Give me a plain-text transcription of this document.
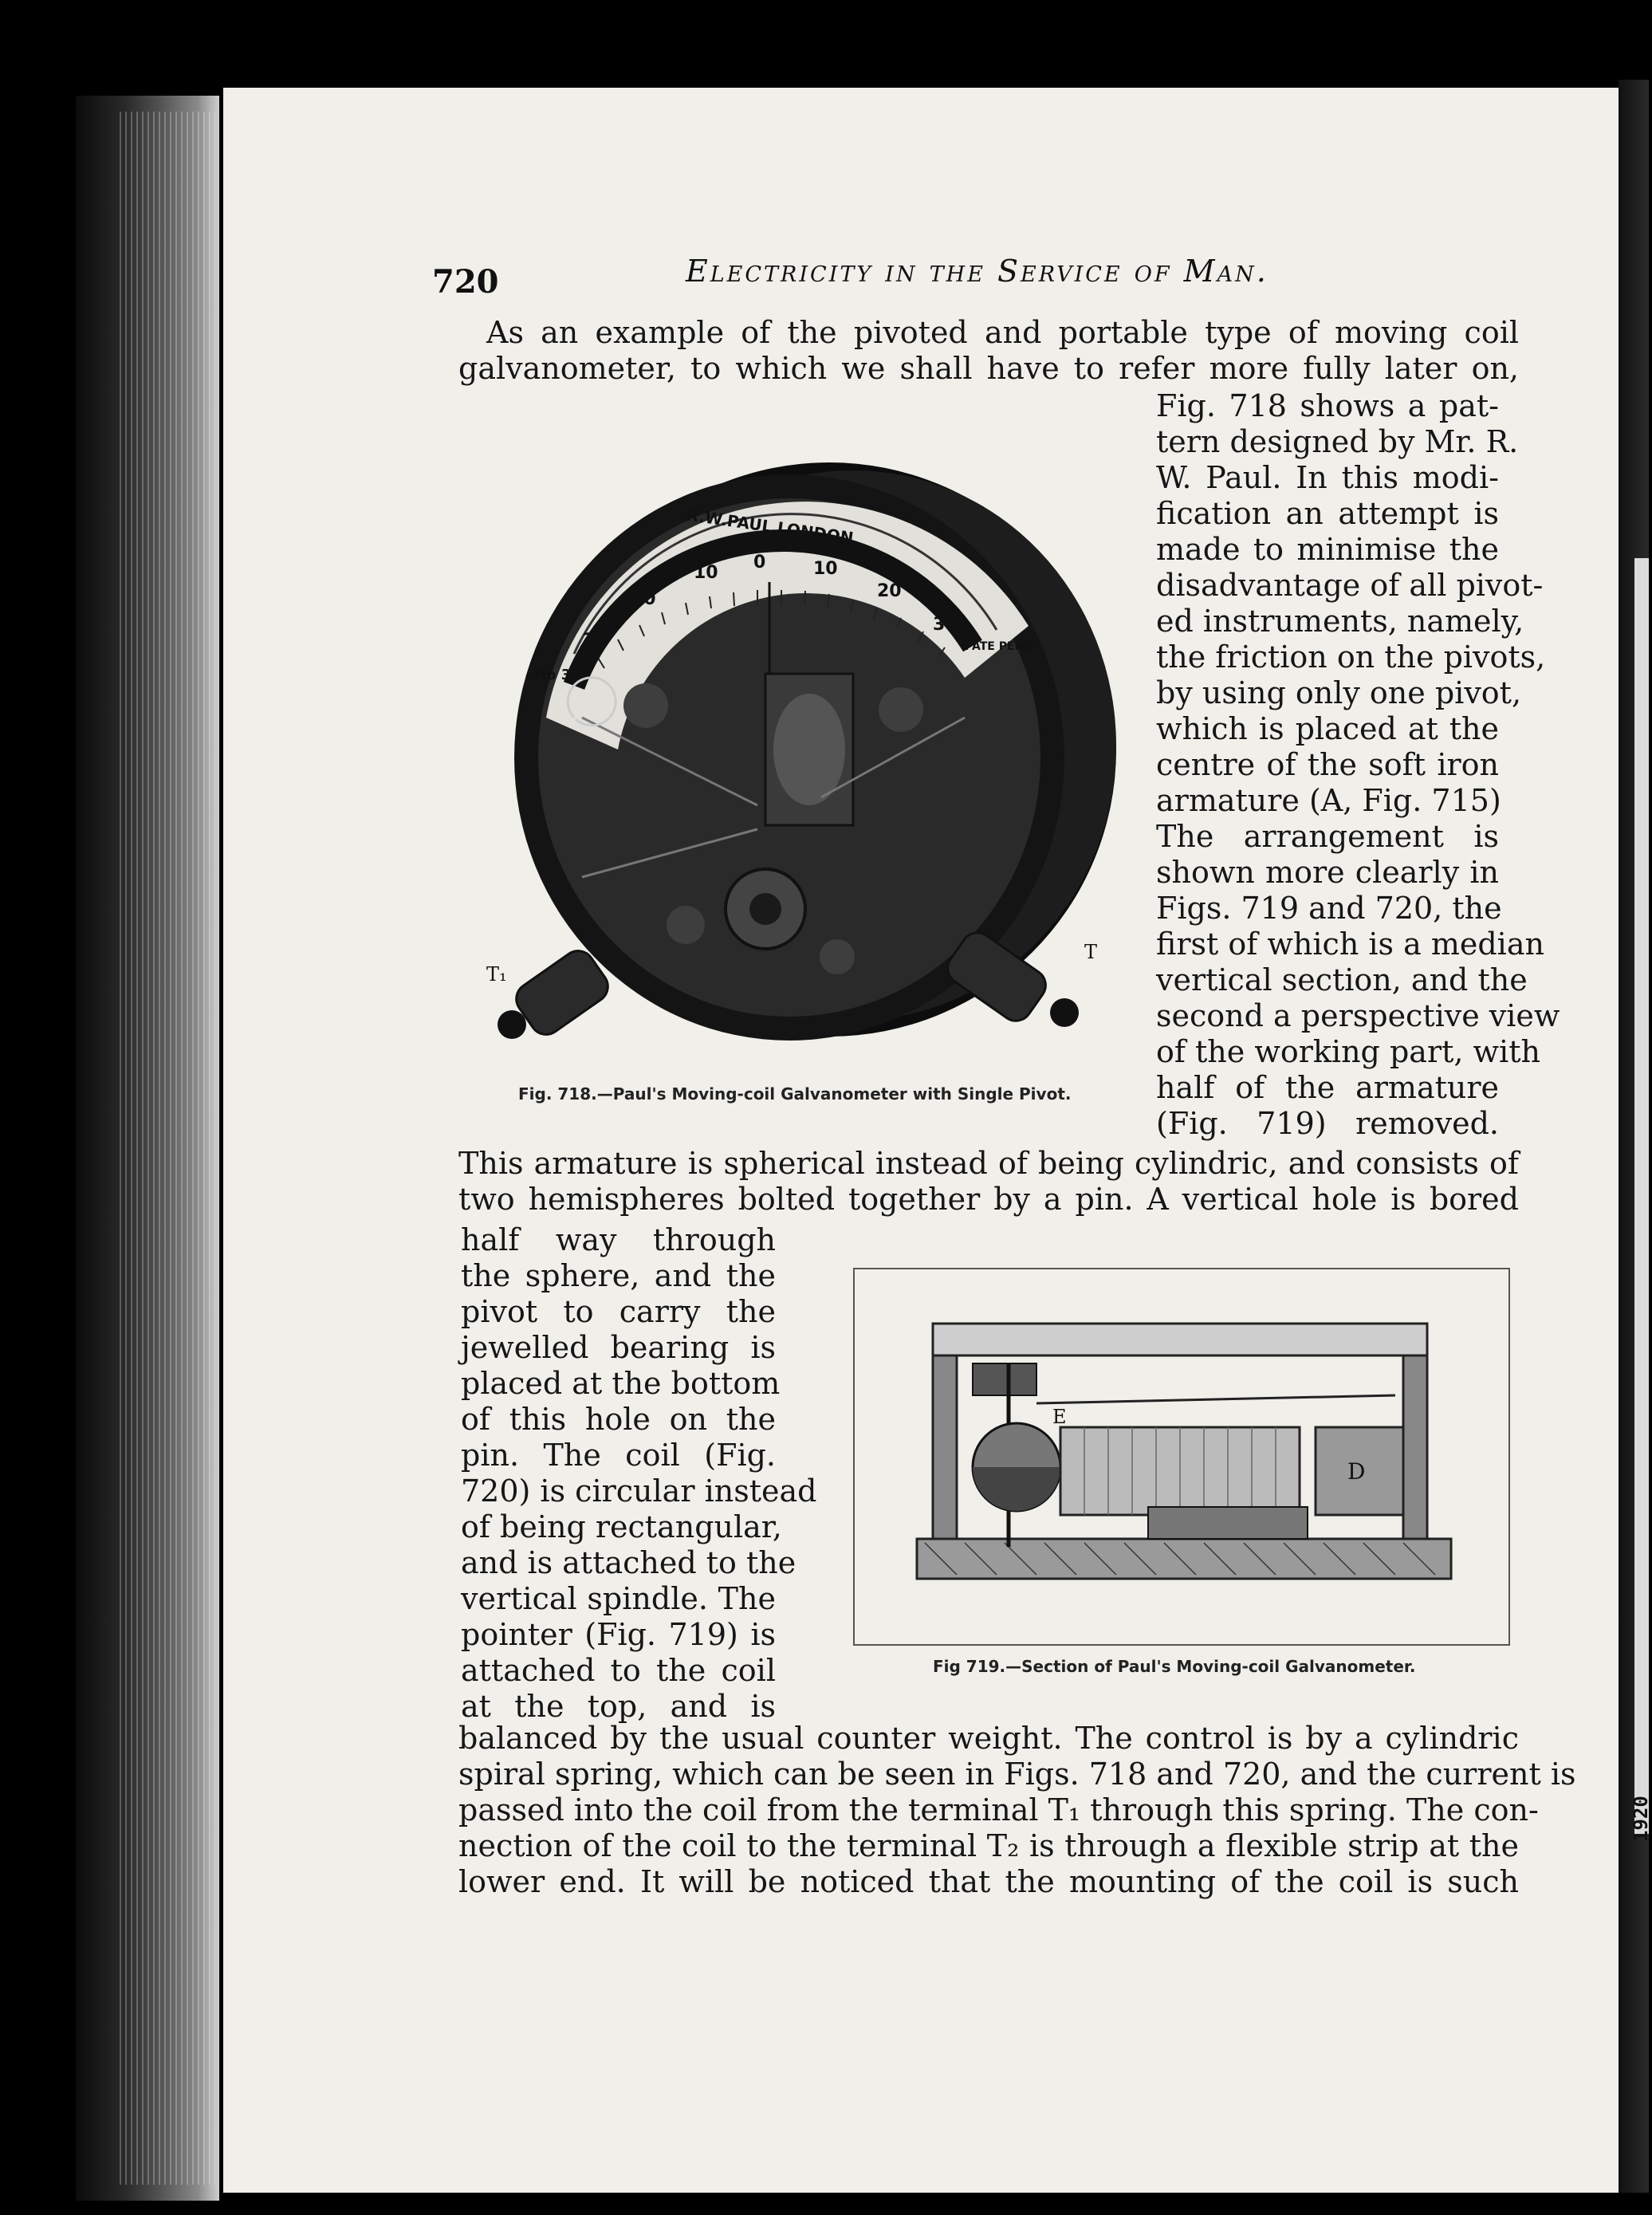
1920
720	Electricity in the Service of Man.
As an example of the pivoted and portable type of moving coil
galvanometer, to which we shall have to refer more fully later on,
Fig. 718 shows a pat-
tern designed by Mr. R.
W. Paul. In this modi-
fication an attempt is
made to minimise the
disadvantage of all pivot-
ed instruments, namely,
the friction on the pivots,
by using only one pivot,
which is placed at the
centre of the soft iron
armature (A, Fig. 715)
The arrangement is
shown more clearly in
Figs. 719 and 720, the
first of which is a median
vertical section, and the
second a perspective view
of the working part, with
half of the armature
(Fig. 719) removed.
R.W.PAUL LONDON
30
20
10
0	10
20
30
No 3
PATE PEND
T₁
T
Fig. 718.—Paul's Moving-coil Galvanometer with Single Pivot.
This armature is spherical instead of being cylindric, and consists of
two hemispheres bolted together by a pin. A vertical hole is bored
half way through
the sphere, and the
pivot to carry the
jewelled bearing is
placed at the bottom
of this hole on the
pin. The coil (Fig.
720) is circular instead
of being rectangular,
and is attached to the
vertical spindle. The
pointer (Fig. 719) is
attached to the coil
at the top, and is
E
D
Fig 719.—Section of Paul's Moving-coil Galvanometer.
balanced by the usual counter weight. The control is by a cylindric
spiral spring, which can be seen in Figs. 718 and 720, and the current is
passed into the coil from the terminal T₁ through this spring. The con-
nection of the coil to the terminal T₂ is through a flexible strip at the
lower end. It will be noticed that the mounting of the coil is such
